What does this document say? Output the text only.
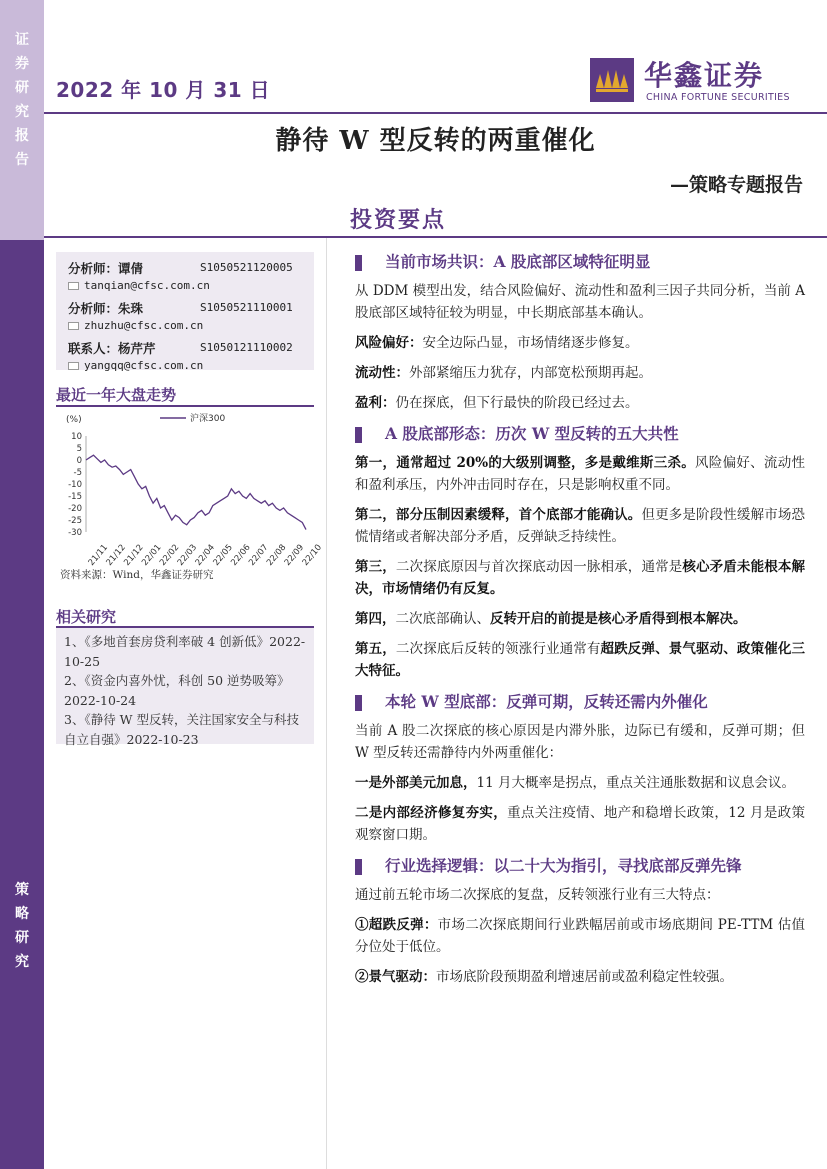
证
券
研
究
报
告
策
略
研
究
2022 年 10 月 31 日	华鑫证券
CHINA FORTUNE SECURITIES
静待 W 型反转的两重催化
—策略专题报告
投资要点
分析师：谭倩	S1050521120005
tanqian@cfsc.com.cn
分析师：朱珠	S1050521110001
zhuzhu@cfsc.com.cn
联系人：杨芹芹	S1050121110002
yangqq@cfsc.com.cn
最近一年大盘走势
(%)	沪深300
10
5
0
-5
-10
-15
-20
-25
-30
21/11
21/12
21/12
22/01
22/02
22/03
22/04
22/05
22/06
22/07
22/08
22/09
22/10
资料来源：Wind，华鑫证券研究
相关研究
1、《多地首套房贷利率破 4 创新低》2022-10-25
2、《资金内喜外忧，科创 50 逆势吸筹》2022-10-24
3、《静待 W 型反转，关注国家安全与科技自立自强》2022-10-23
当前市场共识：A 股底部区域特征明显

从 DDM 模型出发，结合风险偏好、流动性和盈利三因子共同分析，当前 A 股底部区域特征较为明显，中长期底部基本确认。

风险偏好：安全边际凸显，市场情绪逐步修复。

流动性：外部紧缩压力犹存，内部宽松预期再起。

盈利：仍在探底，但下行最快的阶段已经过去。

A 股底部形态：历次 W 型反转的五大共性

第一，通常超过 20%的大级别调整，多是戴维斯三杀。风险偏好、流动性和盈利承压，内外冲击同时存在，只是影响权重不同。

第二，部分压制因素缓释，首个底部才能确认。但更多是阶段性缓解市场恐慌情绪或者解决部分矛盾，反弹缺乏持续性。

第三，二次探底原因与首次探底动因一脉相承，通常是核心矛盾未能根本解决，市场情绪仍有反复。

第四，二次底部确认、反转开启的前提是核心矛盾得到根本解决。

第五，二次探底后反转的领涨行业通常有超跌反弹、景气驱动、政策催化三大特征。

本轮 W 型底部：反弹可期，反转还需内外催化

当前 A 股二次探底的核心原因是内滞外胀，边际已有缓和，反弹可期；但 W 型反转还需静待内外两重催化：

一是外部美元加息，11 月大概率是拐点，重点关注通胀数据和议息会议。

二是内部经济修复夯实，重点关注疫情、地产和稳增长政策，12 月是政策观察窗口期。

行业选择逻辑：以二十大为指引，寻找底部反弹先锋

通过前五轮市场二次探底的复盘，反转领涨行业有三大特点：

①超跌反弹：市场二次探底期间行业跌幅居前或市场底期间 PE-TTM 估值分位处于低位。

②景气驱动：市场底阶段预期盈利增速居前或盈利稳定性较强。
